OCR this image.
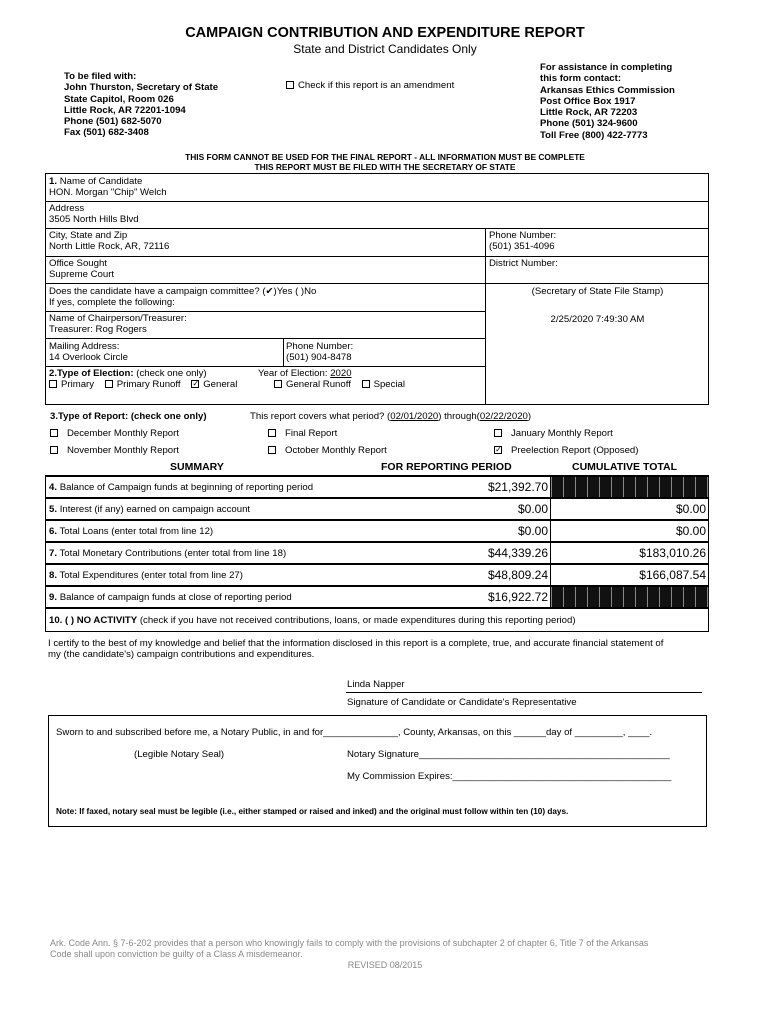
CAMPAIGN CONTRIBUTION AND EXPENDITURE REPORT
State and District Candidates Only
To be filed with:
John Thurston, Secretary of State
State Capitol, Room 026
Little Rock, AR 72201-1094
Phone (501) 682-5070
Fax (501) 682-3408
Check if this report is an amendment
For assistance in completing
this form contact:
Arkansas Ethics Commission
Post Office Box 1917
Little Rock, AR 72203
Phone (501) 324-9600
Toll Free (800) 422-7773
THIS FORM CANNOT BE USED FOR THE FINAL REPORT - ALL INFORMATION MUST BE COMPLETE
THIS REPORT MUST BE FILED WITH THE SECRETARY OF STATE
1. Name of Candidate
HON. Morgan "Chip" Welch
Address
3505 North Hills Blvd
City, State and Zip
North Little Rock, AR, 72116
Phone Number:
(501) 351-4096
Office Sought
Supreme Court
District Number:
Does the candidate have a campaign committee? (✔)Yes ( )No
If yes, complete the following:
(Secretary of State File Stamp)
2/25/2020 7:49:30 AM
Name of Chairperson/Treasurer:
Treasurer: Rog Rogers
Mailing Address:
14 Overlook Circle
Phone Number:
(501) 904-8478
2.Type of Election: (check one only)
Primary Primary Runoff ✓ General
Year of Election: 2020
General Runoff Special
3.Type of Report: (check one only)	This report covers what period? (02/01/2020) through(02/22/2020)
December Monthly Report	Final Report	January Monthly Report
November Monthly Report	October Monthly Report ✓	Preelection Report (Opposed)
SUMMARY	FOR REPORTING PERIOD	CUMULATIVE TOTAL
4. Balance of Campaign funds at beginning of reporting period	$21,392.70
5. Interest (if any) earned on campaign account	$0.00	$0.00
6. Total Loans (enter total from line 12)	$0.00	$0.00
7. Total Monetary Contributions (enter total from line 18)	$44,339.26	$183,010.26
8. Total Expenditures (enter total from line 27)	$48,809.24	$166,087.54
9. Balance of campaign funds at close of reporting period	$16,922.72
10. ( ) NO ACTIVITY (check if you have not received contributions, loans, or made expenditures during this reporting period)
I certify to the best of my knowledge and belief that the information disclosed in this report is a complete, true, and accurate financial statement of
my (the candidate's) campaign contributions and expenditures.
Linda Napper
Signature of Candidate or Candidate's Representative
Sworn to and subscribed before me, a Notary Public, in and for______________, County, Arkansas, on this ______day of _________, ____.
(Legible Notary Seal)	Notary Signature_______________________________________________
My Commission Expires:_________________________________________
Note: If faxed, notary seal must be legible (i.e., either stamped or raised and inked) and the original must follow within ten (10) days.
Ark. Code Ann. § 7-6-202 provides that a person who knowingly fails to comply with the provisions of subchapter 2 of chapter 6, Title 7 of the Arkansas
Code shall upon conviction be guilty of a Class A misdemeanor.
REVISED 08/2015
